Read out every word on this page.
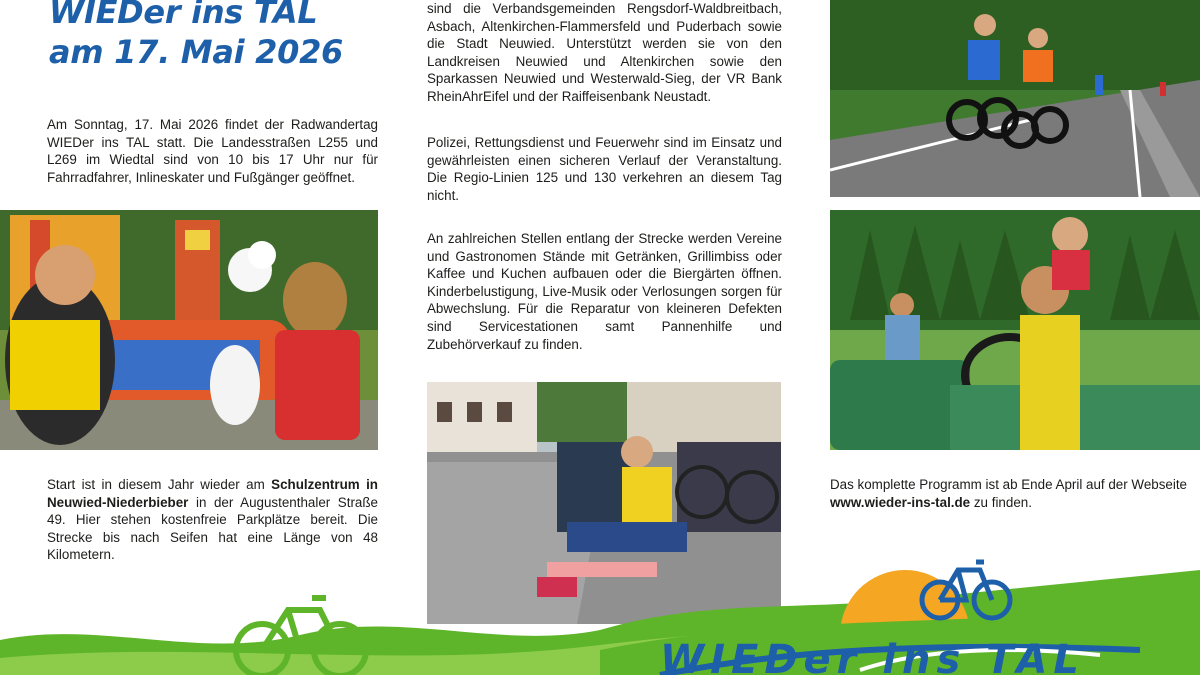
WIEDer ins TAL
am 17. Mai 2026

Am Sonntag, 17. Mai 2026 findet der Radwandertag WIEDer ins TAL statt. Die Landesstraßen L255 und L269 im Wiedtal sind von 10 bis 17 Uhr nur für Fahrradfahrer, Inlineskater und Fußgänger geöffnet.

Start ist in diesem Jahr wieder am Schulzentrum in Neuwied-Niederbieber in der Augustenthaler Straße 49. Hier stehen kostenfreie Parkplätze bereit. Die Strecke bis nach Seifen hat eine Länge von 48 Kilometern.

sind die Verbandsgemeinden Rengsdorf-Waldbreitbach, Asbach, Altenkirchen-Flammersfeld und Puderbach sowie die Stadt Neuwied. Unterstützt werden sie von den Landkreisen Neuwied und Altenkirchen sowie den Sparkassen Neuwied und Westerwald-Sieg, der VR Bank RheinAhrEifel und der Raiffeisenbank Neustadt.

Polizei, Rettungsdienst und Feuerwehr sind im Einsatz und gewährleisten einen sicheren Verlauf der Veranstaltung. Die Regio-Linien 125 und 130 verkehren an diesem Tag nicht.

An zahlreichen Stellen entlang der Strecke werden Vereine und Gastronomen Stände mit Getränken, Grillimbiss oder Kaffee und Kuchen aufbauen oder die Biergärten öffnen. Kinderbelustigung, Live-Musik oder Verlosungen sorgen für Abwechslung. Für die Reparatur von kleineren Defekten sind Servicestationen samt Pannenhilfe und Zubehörverkauf zu finden.

Das komplette Programm ist ab Ende April auf der Webseite www.wieder-ins-tal.de zu finden.

WIEDer ins TAL
